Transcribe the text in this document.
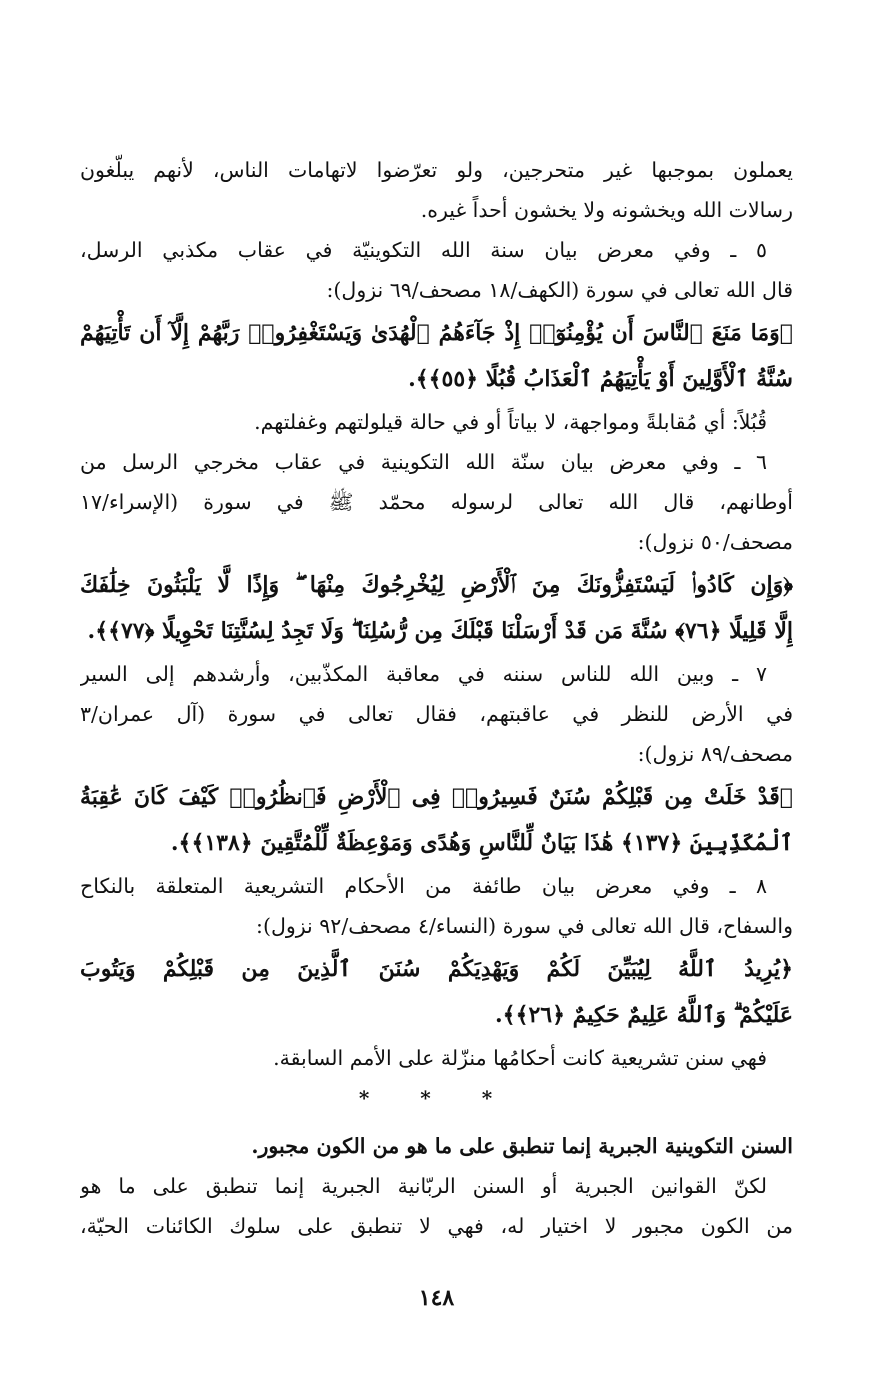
يعملون بموجبها غير متحرجين، ولو تعرّضوا لاتهامات الناس، لأنهم يبلّغون

رسالات الله ويخشونه ولا يخشون أحداً غيره.

٥ ـ وفي معرض بيان سنة الله التكوينيّة في عقاب مكذبي الرسل،

قال الله تعالى في سورة (الكهف/١٨ مصحف/٦٩ نزول):

﴿وَمَا مَنَعَ ٱلنَّاسَ أَن يُؤْمِنُوٓا۟ إِذْ جَآءَهُمُ ٱلْهُدَىٰ وَيَسْتَغْفِرُوا۟ رَبَّهُمْ إِلَّآ أَن تَأْتِيَهُمْ

سُنَّةُ ٱلْأَوَّلِينَ أَوْ يَأْتِيَهُمُ ٱلْعَذَابُ قُبُلًا ﴿٥٥﴾﴾.

قُبُلاً: أي مُقابلةً ومواجهة، لا بياتاً أو في حالة قيلولتهم وغفلتهم.

٦ ـ وفي معرض بيان سنّة الله التكوينية في عقاب مخرجي الرسل من

أوطانهم، قال الله تعالى لرسوله محمّد ﷺ في سورة (الإسراء/١٧

مصحف/٥٠ نزول):

﴿وَإِن كَادُوا۟ لَيَسْتَفِزُّونَكَ مِنَ ٱلْأَرْضِ لِيُخْرِجُوكَ مِنْهَا ۖ وَإِذًا لَّا يَلْبَثُونَ خِلَٰفَكَ

إِلَّا قَلِيلًا ﴿٧٦﴾ سُنَّةَ مَن قَدْ أَرْسَلْنَا قَبْلَكَ مِن رُّسُلِنَا ۖ وَلَا تَجِدُ لِسُنَّتِنَا تَحْوِيلًا ﴿٧٧﴾﴾.

٧ ـ وبين الله للناس سننه في معاقبة المكذّبين، وأرشدهم إلى السير

في الأرض للنظر في عاقبتهم، فقال تعالى في سورة (آل عمران/٣

مصحف/٨٩ نزول):

﴿قَدْ خَلَتْ مِن قَبْلِكُمْ سُنَنٌ فَسِيرُوا۟ فِى ٱلْأَرْضِ فَٱنظُرُوا۟ كَيْفَ كَانَ عَٰقِبَةُ

ٱلْمُكَذِّبِينَ ﴿١٣٧﴾ هَٰذَا بَيَانٌ لِّلنَّاسِ وَهُدًى وَمَوْعِظَةٌ لِّلْمُتَّقِينَ ﴿١٣٨﴾﴾.

٨ ـ وفي معرض بيان طائفة من الأحكام التشريعية المتعلقة بالنكاح

والسفاح، قال الله تعالى في سورة (النساء/٤ مصحف/٩٢ نزول):

﴿يُرِيدُ ٱللَّهُ لِيُبَيِّنَ لَكُمْ وَيَهْدِيَكُمْ سُنَنَ ٱلَّذِينَ مِن قَبْلِكُمْ وَيَتُوبَ

عَلَيْكُمْ ۗ وَٱللَّهُ عَلِيمٌ حَكِيمٌ ﴿٢٦﴾﴾.

فهي سنن تشريعية كانت أحكامُها منزّلة على الأمم السابقة.

* * *

السنن التكوينية الجبرية إنما تنطبق على ما هو من الكون مجبور.

لكنّ القوانين الجبرية أو السنن الربّانية الجبرية إنما تنطبق على ما هو

من الكون مجبور لا اختيار له، فهي لا تنطبق على سلوك الكائنات الحيّة،

١٤٨
